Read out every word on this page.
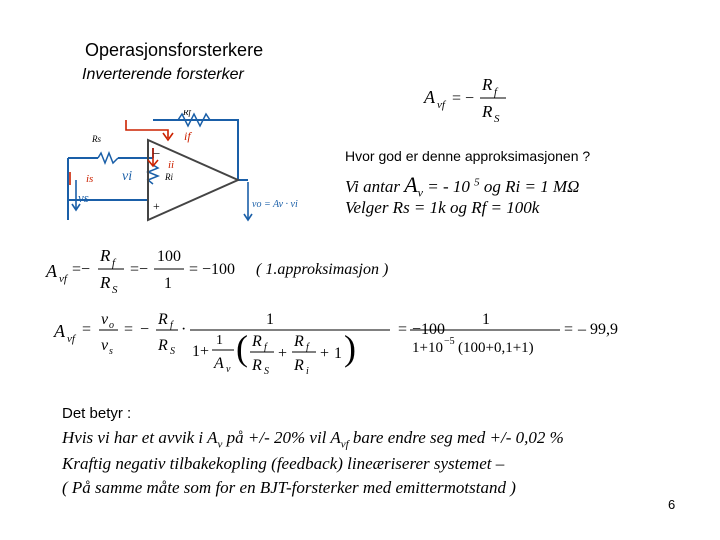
Operasjonsforsterkere
Inverterende forsterker
A vf = −
R f
R S
Rf
if
Rs
ii
Ri
is vi
vs	vo = Av · vi
−
+
Hvor god er denne approksimasjonen ?
Vi antar $A_v$ = - 10 $^5$ og Ri = 1 MΩ
Velger Rs = 1k og Rf = 100k
A vf
=−
R f
R S
=−
100
1
= −100 ( 1.approksimasjon )
A vf
=
v o
v s
= −
R f
R S
·
1
1+
1
A v
( R f
R S
+
R f
R i
+ 1 )	= −100
1
1+10 −5 (100+0,1+1)
= – 99,9
Det betyr :
Hvis vi har et avvik i $A_v$ på +/- 20% vil $A_{vf}$ bare endre seg med +/- 0,02 %
Kraftig negativ tilbakekopling (feedback) lineæriserer systemet –
( På samme måte som for en BJT-forsterker med emittermotstand )
6
